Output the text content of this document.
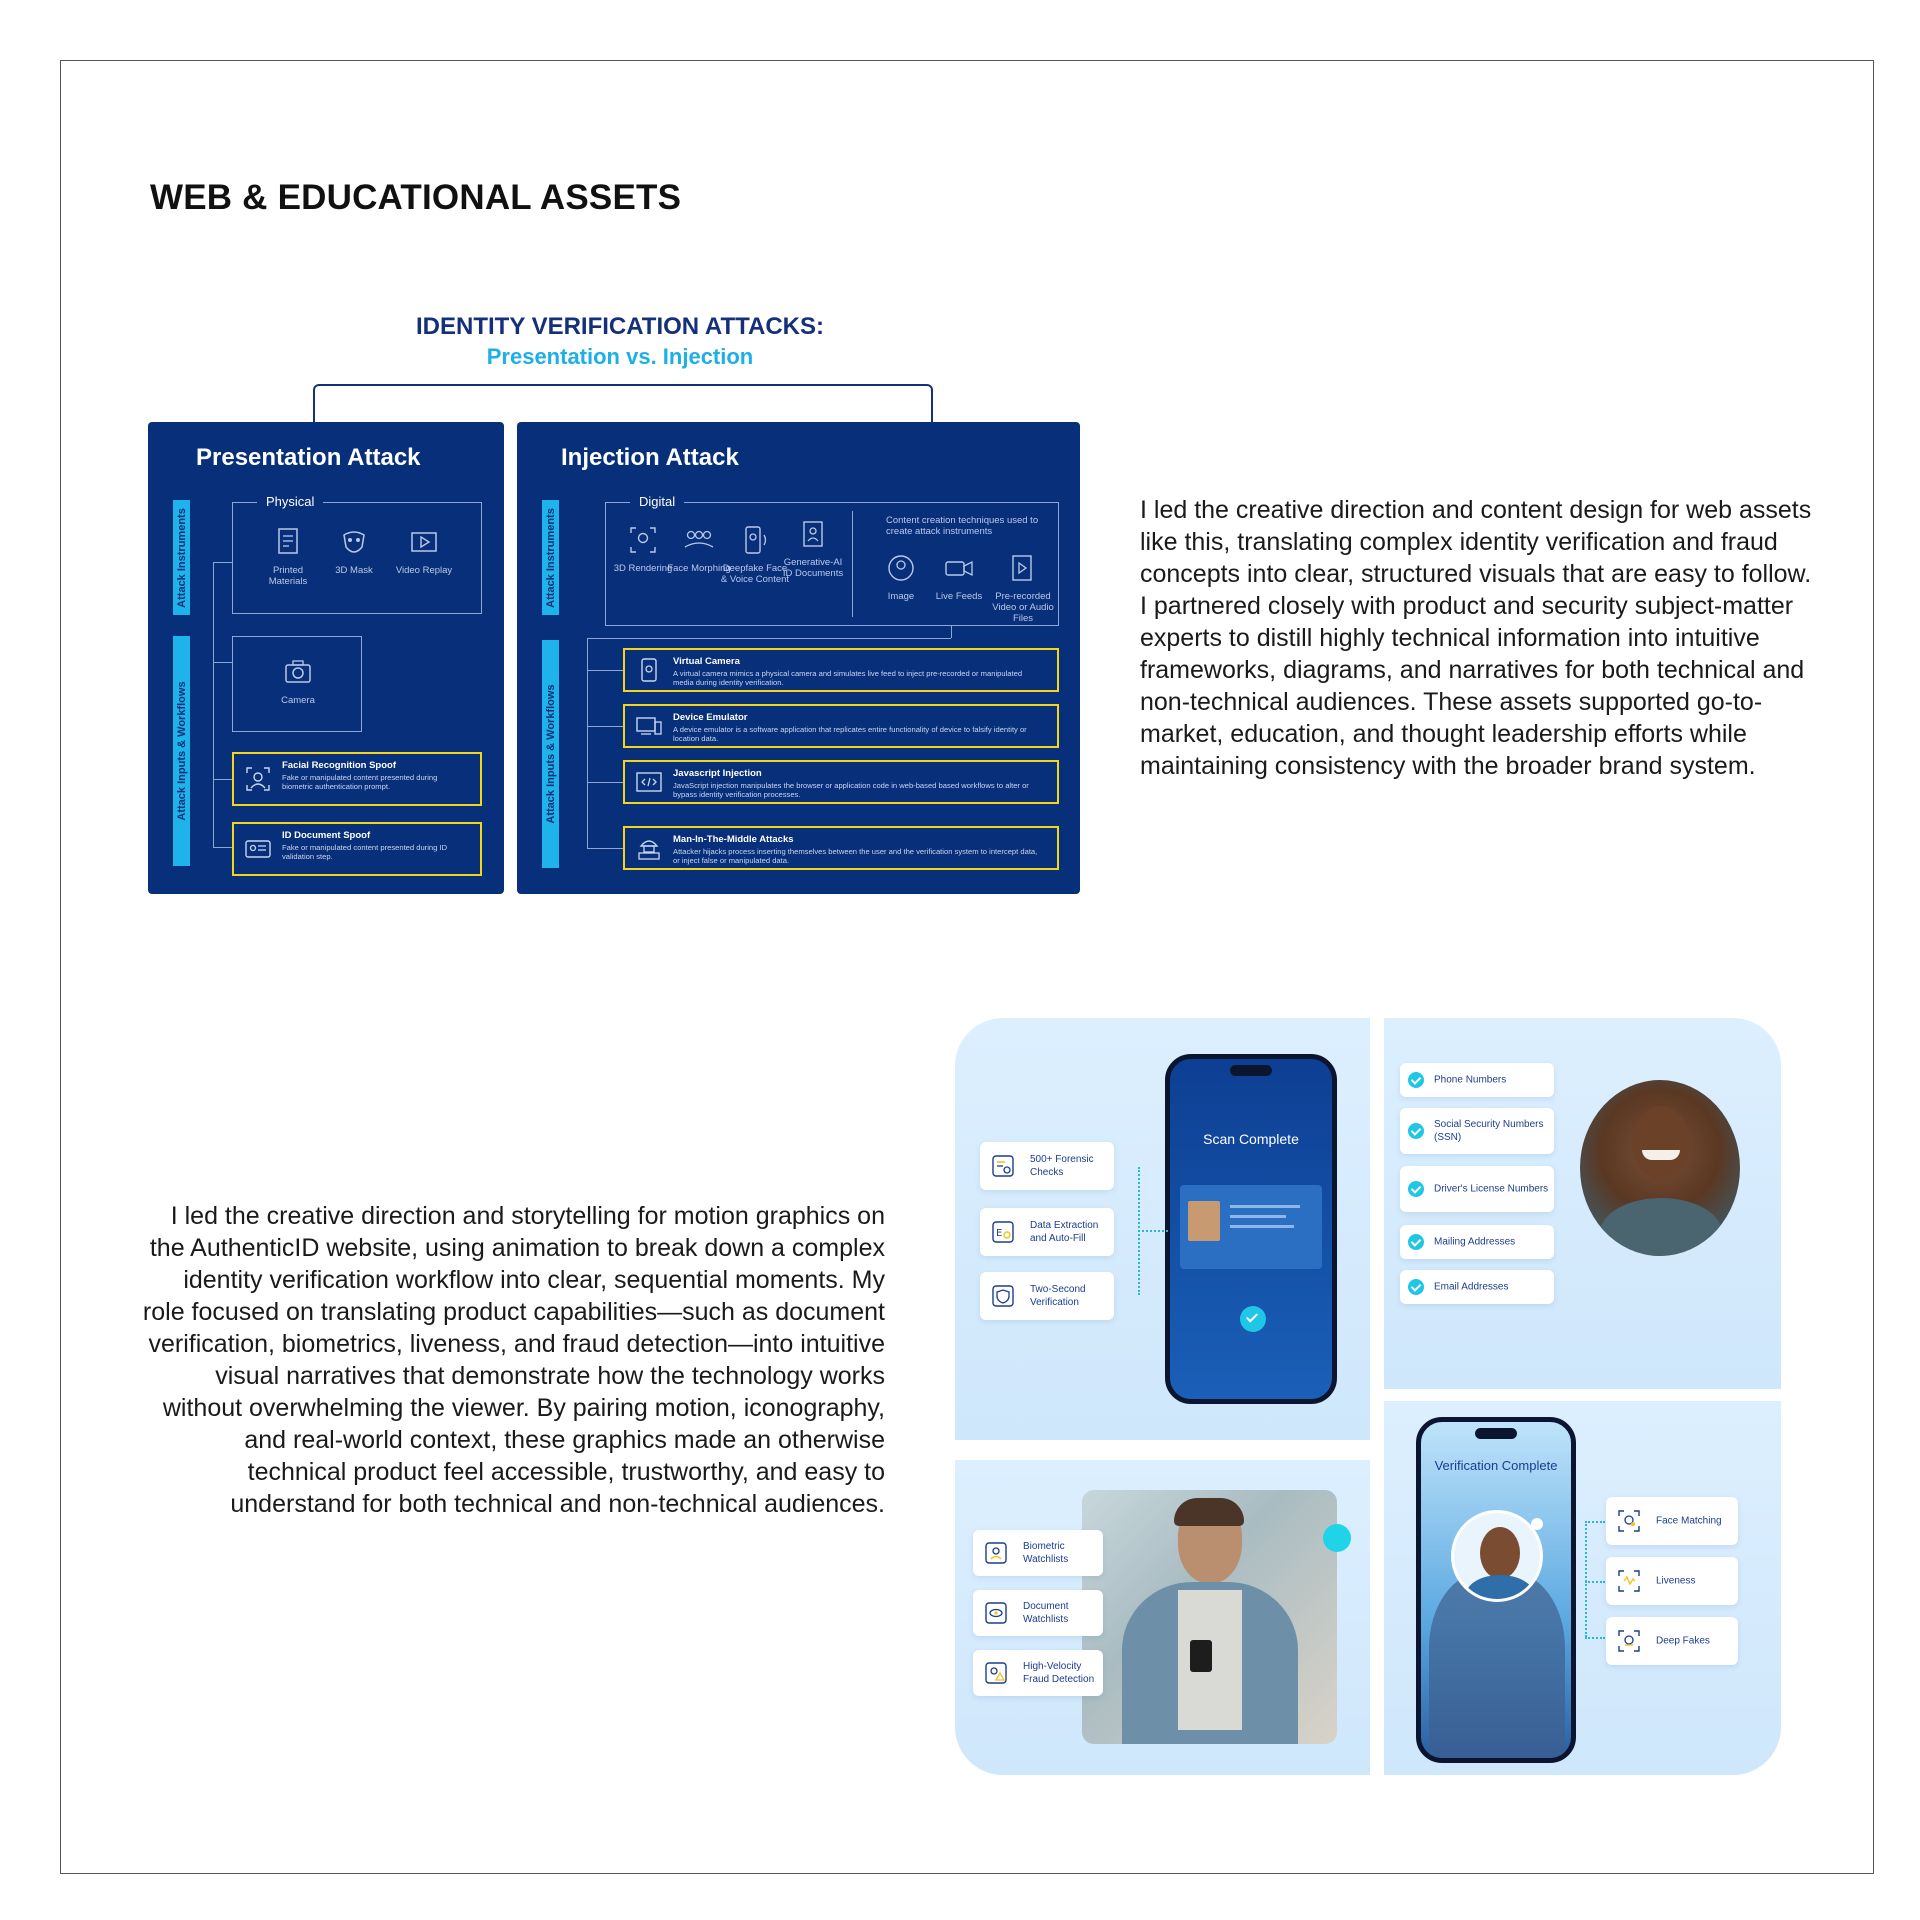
WEB & EDUCATIONAL ASSETS
IDENTITY VERIFICATION ATTACKS:
Presentation vs. Injection
Presentation Attack
Attack Instruments
Attack Inputs & Workflows
Physical
Printed Materials
3D Mask	Video Replay
Camera
Facial Recognition Spoof
Fake or manipulated content presented during biometric authentication prompt.
ID Document Spoof
Fake or manipulated content presented during ID validation step.
Injection Attack
Attack Instruments
Attack Inputs & Workflows
Digital
3D Rendering
Face Morphing
Deepfake Face & Voice Content
Generative-AI ID Documents
Content creation techniques used to create attack instruments
Image	Live Feeds	Pre-recorded Video or Audio Files
Virtual Camera
A virtual camera mimics a physical camera and simulates live feed to inject pre-recorded or manipulated media during identity verification.
Device Emulator
A device emulator is a software application that replicates entire functionality of device to falsify identity or location data.
Javascript Injection
JavaScript injection manipulates the browser or application code in web-based based workflows to alter or bypass identity verification processes.
Man-In-The-Middle Attacks
Attacker hijacks process inserting themselves between the user and the verification system to intercept data, or inject false or manipulated data.

I led the creative direction and content design for web assets like this, translating complex identity verification and fraud concepts into clear, structured visuals that are easy to follow. I partnered closely with product and security subject-matter experts to distill highly technical information into intuitive frameworks, diagrams, and narratives for both technical and non-technical audiences. These assets supported go-to-market, education, and thought leadership efforts while maintaining consistency with the broader brand system.

I led the creative direction and storytelling for motion graphics on the AuthenticID website, using animation to break down a complex identity verification workflow into clear, sequential moments. My role focused on translating product capabilities—such as document verification, biometrics, liveness, and fraud detection—into intuitive visual narratives that demonstrate how the technology works without overwhelming the viewer. By pairing motion, iconography, and real-world context, these graphics made an otherwise technical product feel accessible, trustworthy, and easy to understand for both technical and non-technical audiences.

Scan Complete
500+ Forensic Checks
E
Data Extraction and Auto-Fill
Two-Second Verification
Phone Numbers
Social Security Numbers (SSN)
Driver's License Numbers
Mailing Addresses
Email Addresses
Biometric Watchlists
Document Watchlists
High-Velocity Fraud Detection
Verification Complete
Face Matching
Liveness
Deep Fakes
